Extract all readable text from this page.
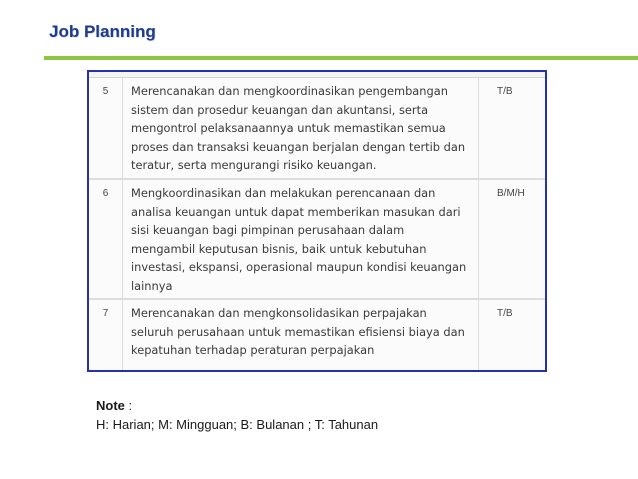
Job Planning
5	Merencanakan dan mengkoordinasikan pengembangan
sistem dan prosedur keuangan dan akuntansi, serta
mengontrol pelaksanaannya untuk memastikan semua
proses dan transaksi keuangan berjalan dengan tertib dan
teratur, serta mengurangi risiko keuangan.
T/B
6	Mengkoordinasikan dan melakukan perencanaan dan
analisa keuangan untuk dapat memberikan masukan dari
sisi keuangan bagi pimpinan perusahaan dalam
mengambil keputusan bisnis, baik untuk kebutuhan
investasi, ekspansi, operasional maupun kondisi keuangan
lainnya
B/M/H
7	Merencanakan dan mengkonsolidasikan perpajakan
seluruh perusahaan untuk memastikan efisiensi biaya dan
kepatuhan terhadap peraturan perpajakan
T/B
Note :
H: Harian; M: Mingguan; B: Bulanan ; T: Tahunan
